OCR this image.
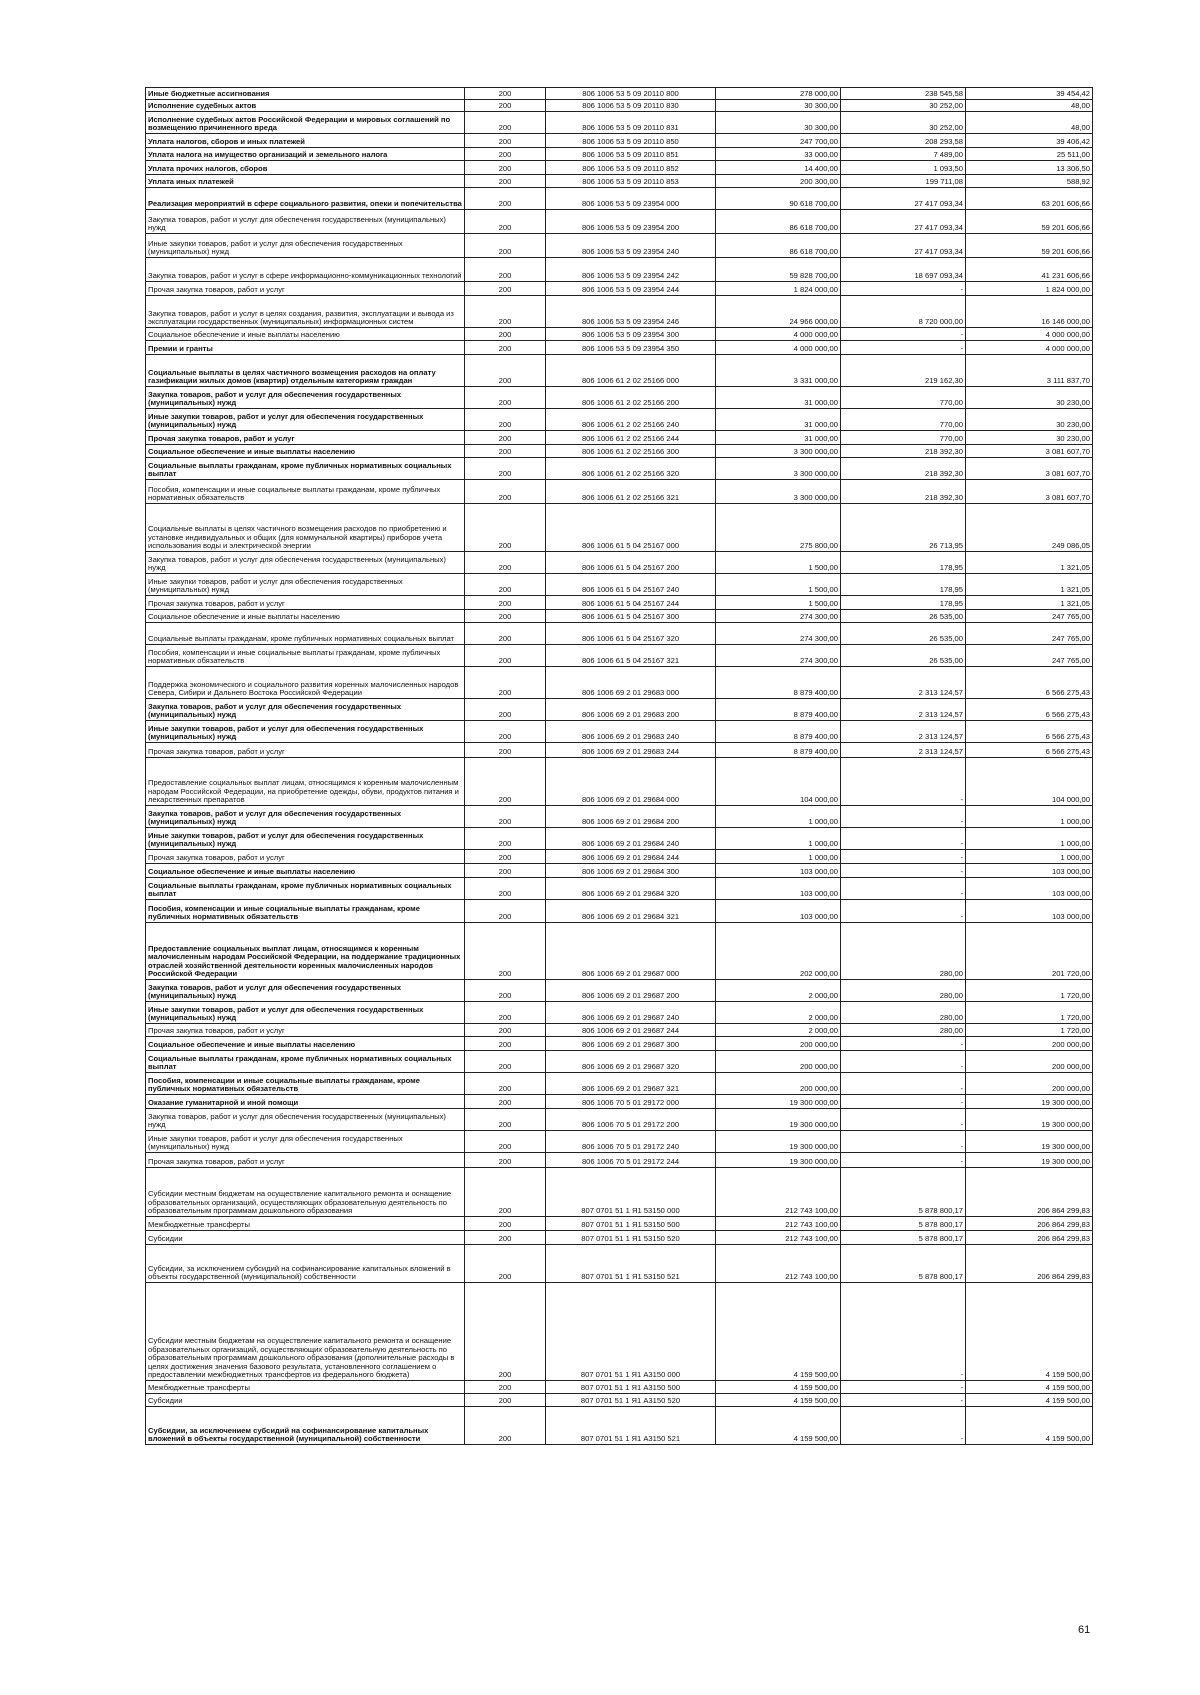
Иные бюджетные ассигнования	200	806 1006 53 5 09 20110 800	278 000,00	238 545,58	39 454,42
Исполнение судебных актов	200	806 1006 53 5 09 20110 830	30 300,00	30 252,00	48,00
Исполнение судебных актов Российской Федерации и мировых соглашений по возмещению причиненного вреда	200	806 1006 53 5 09 20110 831	30 300,00	30 252,00	48,00
Уплата налогов, сборов и иных платежей	200	806 1006 53 5 09 20110 850	247 700,00	208 293,58	39 406,42
Уплата налога на имущество организаций и земельного налога	200	806 1006 53 5 09 20110 851	33 000,00	7 489,00	25 511,00
Уплата прочих налогов, сборов	200	806 1006 53 5 09 20110 852	14 400,00	1 093,50	13 306,50
Уплата иных платежей	200	806 1006 53 5 09 20110 853	200 300,00	199 711,08	588,92
Реализация мероприятий в сфере социального развития, опеки и попечительства	200	806 1006 53 5 09 23954 000	90 618 700,00	27 417 093,34	63 201 606,66
Закупка товаров, работ и услуг для обеспечения государственных (муниципальных) нужд	200	806 1006 53 5 09 23954 200	86 618 700,00	27 417 093,34	59 201 606,66
Иные закупки товаров, работ и услуг для обеспечения государственных (муниципальных) нужд	200	806 1006 53 5 09 23954 240	86 618 700,00	27 417 093,34	59 201 606,66
Закупка товаров, работ и услуг в сфере информационно-коммуникационных технологий	200	806 1006 53 5 09 23954 242	59 828 700,00	18 697 093,34	41 231 606,66
Прочая закупка товаров, работ и услуг	200	806 1006 53 5 09 23954 244	1 824 000,00	-	1 824 000,00
Закупка товаров, работ и услуг в целях создания, развития, эксплуатации и вывода из эксплуатации государственных (муниципальных) информационных систем	200	806 1006 53 5 09 23954 246	24 966 000,00	8 720 000,00	16 146 000,00
Социальное обеспечение и иные выплаты населению	200	806 1006 53 5 09 23954 300	4 000 000,00	-	4 000 000,00
Премии и гранты	200	806 1006 53 5 09 23954 350	4 000 000,00	-	4 000 000,00
Социальные выплаты в целях частичного возмещения расходов на оплату газификации жилых домов (квартир) отдельным категориям граждан	200	806 1006 61 2 02 25166 000	3 331 000,00	219 162,30	3 111 837,70
Закупка товаров, работ и услуг для обеспечения государственных (муниципальных) нужд	200	806 1006 61 2 02 25166 200	31 000,00	770,00	30 230,00
Иные закупки товаров, работ и услуг для обеспечения государственных (муниципальных) нужд	200	806 1006 61 2 02 25166 240	31 000,00	770,00	30 230,00
Прочая закупка товаров, работ и услуг	200	806 1006 61 2 02 25166 244	31 000,00	770,00	30 230,00
Социальное обеспечение и иные выплаты населению	200	806 1006 61 2 02 25166 300	3 300 000,00	218 392,30	3 081 607,70
Социальные выплаты гражданам, кроме публичных нормативных социальных выплат	200	806 1006 61 2 02 25166 320	3 300 000,00	218 392,30	3 081 607,70
Пособия, компенсации и иные социальные выплаты гражданам, кроме публичных нормативных обязательств	200	806 1006 61 2 02 25166 321	3 300 000,00	218 392,30	3 081 607,70
Социальные выплаты в целях частичного возмещения расходов по приобретению и установке индивидуальных и общих (для коммунальной квартиры) приборов учета использования воды и электрической энергии	200	806 1006 61 5 04 25167 000	275 800,00	26 713,95	249 086,05
Закупка товаров, работ и услуг для обеспечения государственных (муниципальных) нужд	200	806 1006 61 5 04 25167 200	1 500,00	178,95	1 321,05
Иные закупки товаров, работ и услуг для обеспечения государственных (муниципальных) нужд	200	806 1006 61 5 04 25167 240	1 500,00	178,95	1 321,05
Прочая закупка товаров, работ и услуг	200	806 1006 61 5 04 25167 244	1 500,00	178,95	1 321,05
Социальное обеспечение и иные выплаты населению	200	806 1006 61 5 04 25167 300	274 300,00	26 535,00	247 765,00
Социальные выплаты гражданам, кроме публичных нормативных социальных выплат	200	806 1006 61 5 04 25167 320	274 300,00	26 535,00	247 765,00
Пособия, компенсации и иные социальные выплаты гражданам, кроме публичных нормативных обязательств	200	806 1006 61 5 04 25167 321	274 300,00	26 535,00	247 765,00
Поддержка экономического и социального развития коренных малочисленных народов Севера, Сибири и Дальнего Востока Российской Федерации	200	806 1006 69 2 01 29683 000	8 879 400,00	2 313 124,57	6 566 275,43
Закупка товаров, работ и услуг для обеспечения государственных (муниципальных) нужд	200	806 1006 69 2 01 29683 200	8 879 400,00	2 313 124,57	6 566 275,43
Иные закупки товаров, работ и услуг для обеспечения государственных (муниципальных) нужд	200	806 1006 69 2 01 29683 240	8 879 400,00	2 313 124,57	6 566 275,43
Прочая закупка товаров, работ и услуг	200	806 1006 69 2 01 29683 244	8 879 400,00	2 313 124,57	6 566 275,43
Предоставление социальных выплат лицам, относящимся к коренным малочисленным народам Российской Федерации, на приобретение одежды, обуви, продуктов питания и лекарственных препаратов	200	806 1006 69 2 01 29684 000	104 000,00	-	104 000,00
Закупка товаров, работ и услуг для обеспечения государственных (муниципальных) нужд	200	806 1006 69 2 01 29684 200	1 000,00	-	1 000,00
Иные закупки товаров, работ и услуг для обеспечения государственных (муниципальных) нужд	200	806 1006 69 2 01 29684 240	1 000,00	-	1 000,00
Прочая закупка товаров, работ и услуг	200	806 1006 69 2 01 29684 244	1 000,00	-	1 000,00
Социальное обеспечение и иные выплаты населению	200	806 1006 69 2 01 29684 300	103 000,00	-	103 000,00
Социальные выплаты гражданам, кроме публичных нормативных социальных выплат	200	806 1006 69 2 01 29684 320	103 000,00	-	103 000,00
Пособия, компенсации и иные социальные выплаты гражданам, кроме публичных нормативных обязательств	200	806 1006 69 2 01 29684 321	103 000,00	-	103 000,00
Предоставление социальных выплат лицам, относящимся к коренным малочисленным народам Российской Федерации, на поддержание традиционных отраслей хозяйственной деятельности коренных малочисленных народов Российской Федерации	200	806 1006 69 2 01 29687 000	202 000,00	280,00	201 720,00
Закупка товаров, работ и услуг для обеспечения государственных (муниципальных) нужд	200	806 1006 69 2 01 29687 200	2 000,00	280,00	1 720,00
Иные закупки товаров, работ и услуг для обеспечения государственных (муниципальных) нужд	200	806 1006 69 2 01 29687 240	2 000,00	280,00	1 720,00
Прочая закупка товаров, работ и услуг	200	806 1006 69 2 01 29687 244	2 000,00	280,00	1 720,00
Социальное обеспечение и иные выплаты населению	200	806 1006 69 2 01 29687 300	200 000,00	-	200 000,00
Социальные выплаты гражданам, кроме публичных нормативных социальных выплат	200	806 1006 69 2 01 29687 320	200 000,00	-	200 000,00
Пособия, компенсации и иные социальные выплаты гражданам, кроме публичных нормативных обязательств	200	806 1006 69 2 01 29687 321	200 000,00	-	200 000,00
Оказание гуманитарной и иной помощи	200	806 1006 70 5 01 29172 000	19 300 000,00	-	19 300 000,00
Закупка товаров, работ и услуг для обеспечения государственных (муниципальных) нужд	200	806 1006 70 5 01 29172 200	19 300 000,00	-	19 300 000,00
Иные закупки товаров, работ и услуг для обеспечения государственных (муниципальных) нужд	200	806 1006 70 5 01 29172 240	19 300 000,00	-	19 300 000,00
Прочая закупка товаров, работ и услуг	200	806 1006 70 5 01 29172 244	19 300 000,00	-	19 300 000,00
Субсидии местным бюджетам на осуществление капитального ремонта и оснащение образовательных организаций, осуществляющих образовательную деятельность по образовательным программам дошкольного образования	200	807 0701 51 1 Я1 53150 000	212 743 100,00	5 878 800,17	206 864 299,83
Межбюджетные трансферты	200	807 0701 51 1 Я1 53150 500	212 743 100,00	5 878 800,17	206 864 299,83
Субсидии	200	807 0701 51 1 Я1 53150 520	212 743 100,00	5 878 800,17	206 864 299,83
Субсидии, за исключением субсидий на софинансирование капитальных вложений в объекты государственной (муниципальной) собственности	200	807 0701 51 1 Я1 53150 521	212 743 100,00	5 878 800,17	206 864 299,83
Субсидии местным бюджетам на осуществление капитального ремонта и оснащение образовательных организаций, осуществляющих образовательную деятельность по образовательным программам дошкольного образования (дополнительные расходы в целях достижения значения базового результата, установленного соглашением о предоставлении межбюджетных трансфертов из федерального бюджета)	200	807 0701 51 1 Я1 А3150 000	4 159 500,00	-	4 159 500,00
Межбюджетные трансферты	200	807 0701 51 1 Я1 А3150 500	4 159 500,00	-	4 159 500,00
Субсидии	200	807 0701 51 1 Я1 А3150 520	4 159 500,00	-	4 159 500,00
Субсидии, за исключением субсидий на софинансирование капитальных вложений в объекты государственной (муниципальной) собственности	200	807 0701 51 1 Я1 А3150 521	4 159 500,00	-	4 159 500,00
61
